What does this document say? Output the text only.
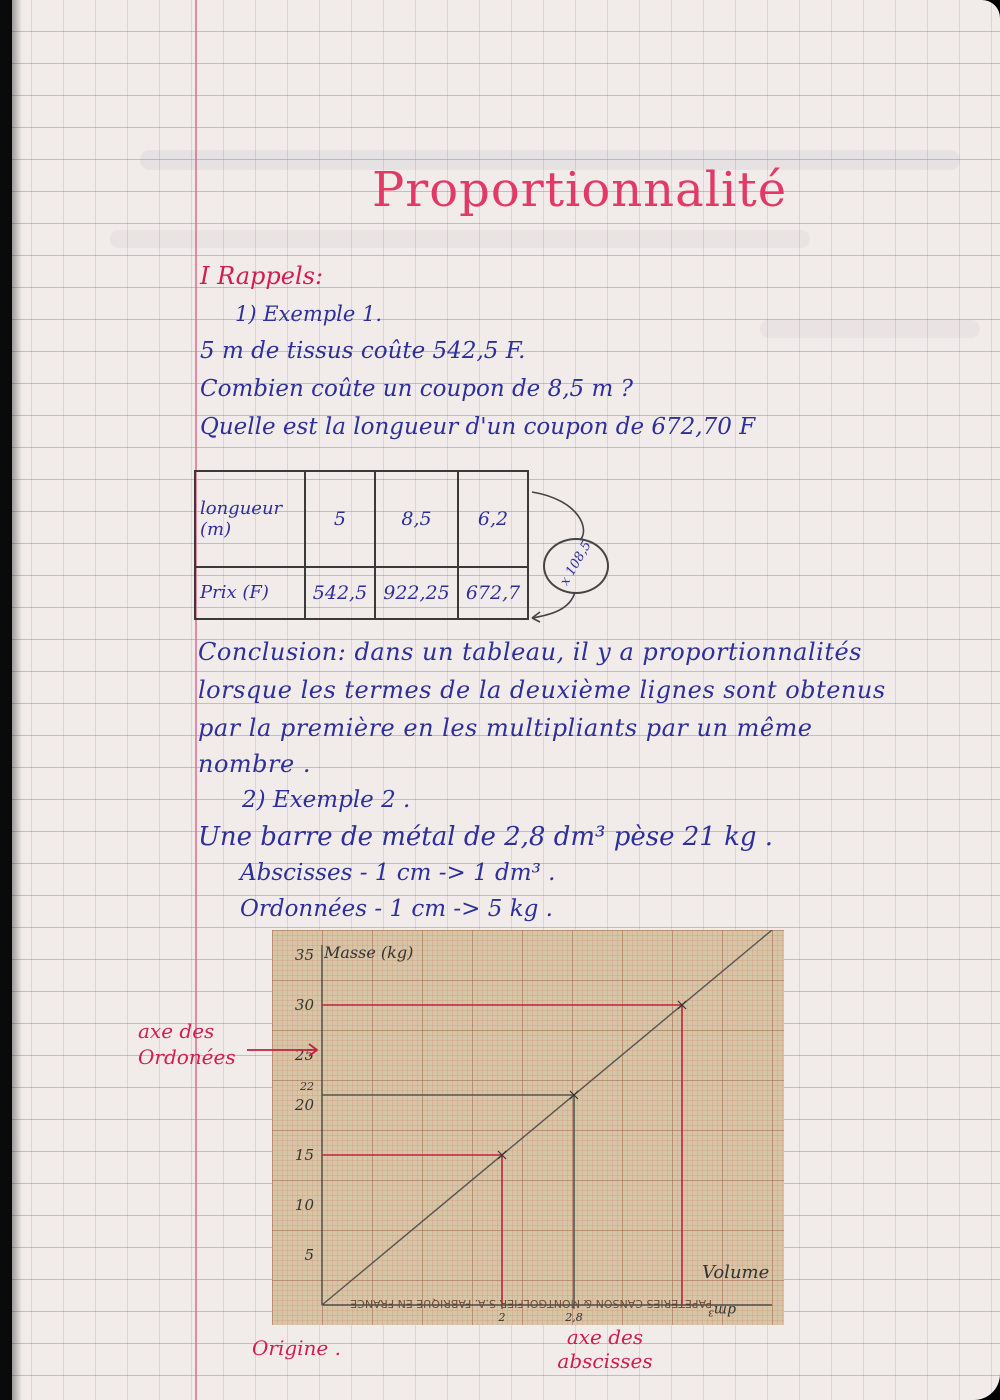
Proportionnalité
I Rappels:
1) Exemple 1.
5 m de tissus coûte 542,5 F.
Combien coûte un coupon de 8,5 m ?
Quelle est la longueur d'un coupon de 672,70 F
longueur (m)	5	8,5	6,2
Prix (F)	542,5	922,25	672,7
x 108,5
Conclusion: dans un tableau, il y a proportionnalités
lorsque les termes de la deuxième lignes sont obtenus
par la première en les multipliants par un même
nombre .
2) Exemple 2 .
Une barre de métal de 2,8 dm³ pèse 21 kg .
Abscisses - 1 cm -> 1 dm³ .
Ordonnées - 1 cm -> 5 kg .
5
10
15
20
22
25
30
35
2	2,8
Masse (kg)
Volume
dm³
PAPETERIES CANSON & MONTGOLFIER S.A. FABRIQUE EN FRANCE
axe des Ordonées
Origine .	axe des abscisses
